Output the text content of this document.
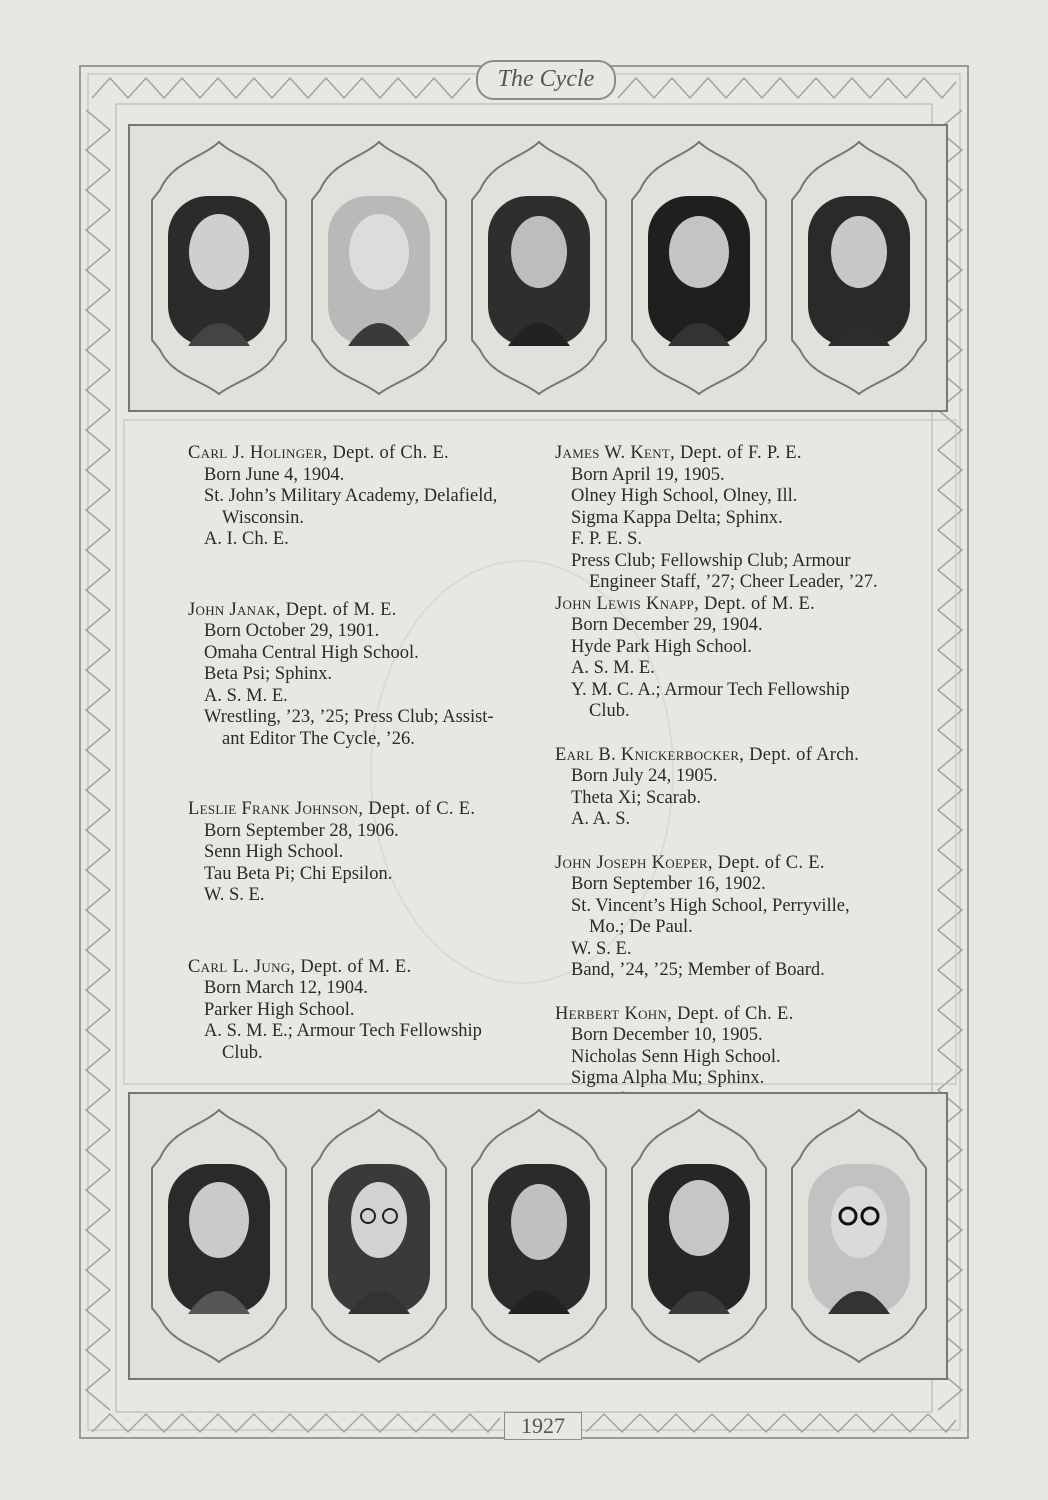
The Cycle
Carl J. Holinger, Dept. of Ch. E.
Born June 4, 1904.
St. John’s Military Academy, Delafield,
Wisconsin.
A. I. Ch. E.
John Janak, Dept. of M. E.
Born October 29, 1901.
Omaha Central High School.
Beta Psi; Sphinx.
A. S. M. E.
Wrestling, ’23, ’25; Press Club; Assist-
ant Editor The Cycle, ’26.
Leslie Frank Johnson, Dept. of C. E.
Born September 28, 1906.
Senn High School.
Tau Beta Pi; Chi Epsilon.
W. S. E.
Carl L. Jung, Dept. of M. E.
Born March 12, 1904.
Parker High School.
A. S. M. E.; Armour Tech Fellowship
Club.
James W. Kent, Dept. of F. P. E.
Born April 19, 1905.
Olney High School, Olney, Ill.
Sigma Kappa Delta; Sphinx.
F. P. E. S.
Press Club; Fellowship Club; Armour
Engineer Staff, ’27; Cheer Leader, ’27.
John Lewis Knapp, Dept. of M. E.
Born December 29, 1904.
Hyde Park High School.
A. S. M. E.
Y. M. C. A.; Armour Tech Fellowship
Club.
Earl B. Knickerbocker, Dept. of Arch.
Born July 24, 1905.
Theta Xi; Scarab.
A. A. S.
John Joseph Koeper, Dept. of C. E.
Born September 16, 1902.
St. Vincent’s High School, Perryville,
Mo.; De Paul.
W. S. E.
Band, ’24, ’25; Member of Board.
Herbert Kohn, Dept. of Ch. E.
Born December 10, 1905.
Nicholas Senn High School.
Sigma Alpha Mu; Sphinx.
1927
